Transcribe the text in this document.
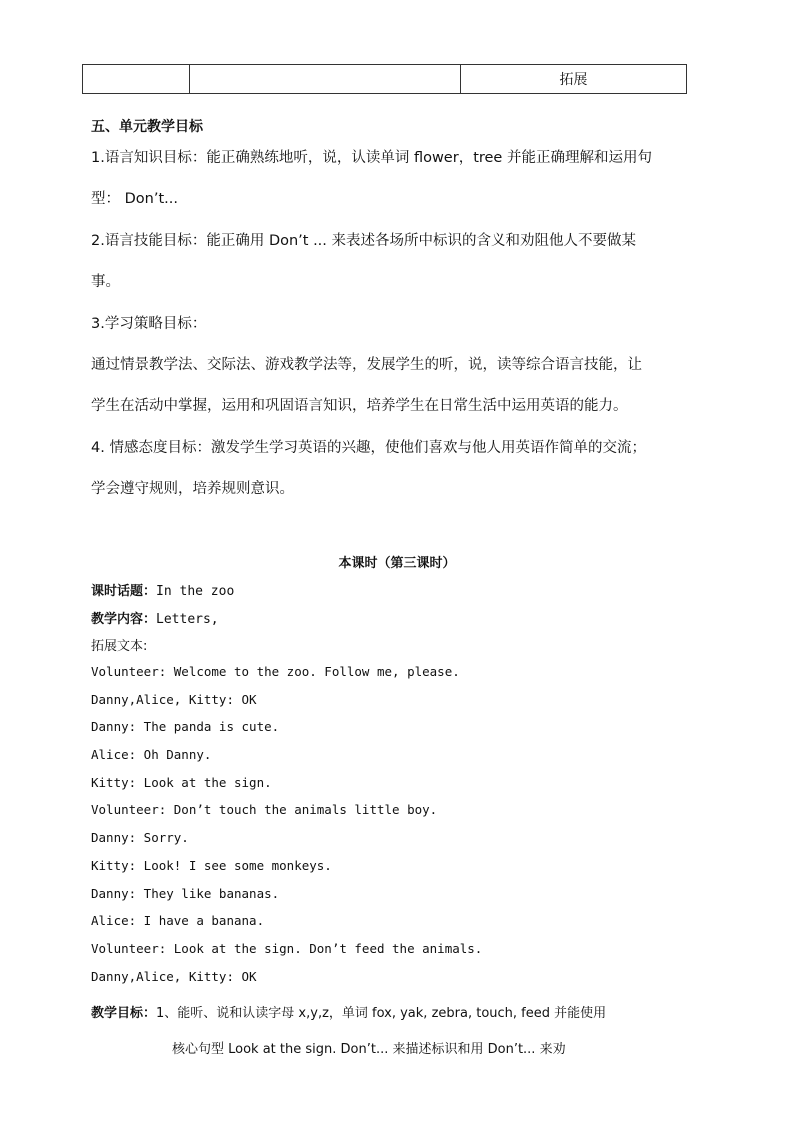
拓展
五、单元教学目标

1.语言知识目标：能正确熟练地听，说，认读单词 flower，tree 并能正确理解和运用句

型： Don’t...

2.语言技能目标：能正确用 Don’t ... 来表述各场所中标识的含义和劝阻他人不要做某

事。

3.学习策略目标：

通过情景教学法、交际法、游戏教学法等，发展学生的听，说，读等综合语言技能，让

学生在活动中掌握，运用和巩固语言知识，培养学生在日常生活中运用英语的能力。

4. 情感态度目标：激发学生学习英语的兴趣，使他们喜欢与他人用英语作简单的交流；

学会遵守规则，培养规则意识。

本课时（第三课时）
课时话题：In the zoo
教学内容：Letters,
拓展文本:
Volunteer: Welcome to the zoo. Follow me, please.
Danny,Alice, Kitty: OK
Danny: The panda is cute.
Alice: Oh Danny.
Kitty: Look at the sign.
Volunteer: Don’t touch the animals little boy.
Danny: Sorry.
Kitty: Look! I see some monkeys.
Danny: They like bananas.
Alice: I have a banana.
Volunteer: Look at the sign. Don’t feed the animals.
Danny,Alice, Kitty: OK
教学目标：1、能听、说和认读字母 x,y,z，单词 fox, yak, zebra, touch, feed 并能使用
核心句型 Look at the sign. Don’t... 来描述标识和用 Don’t... 来劝
